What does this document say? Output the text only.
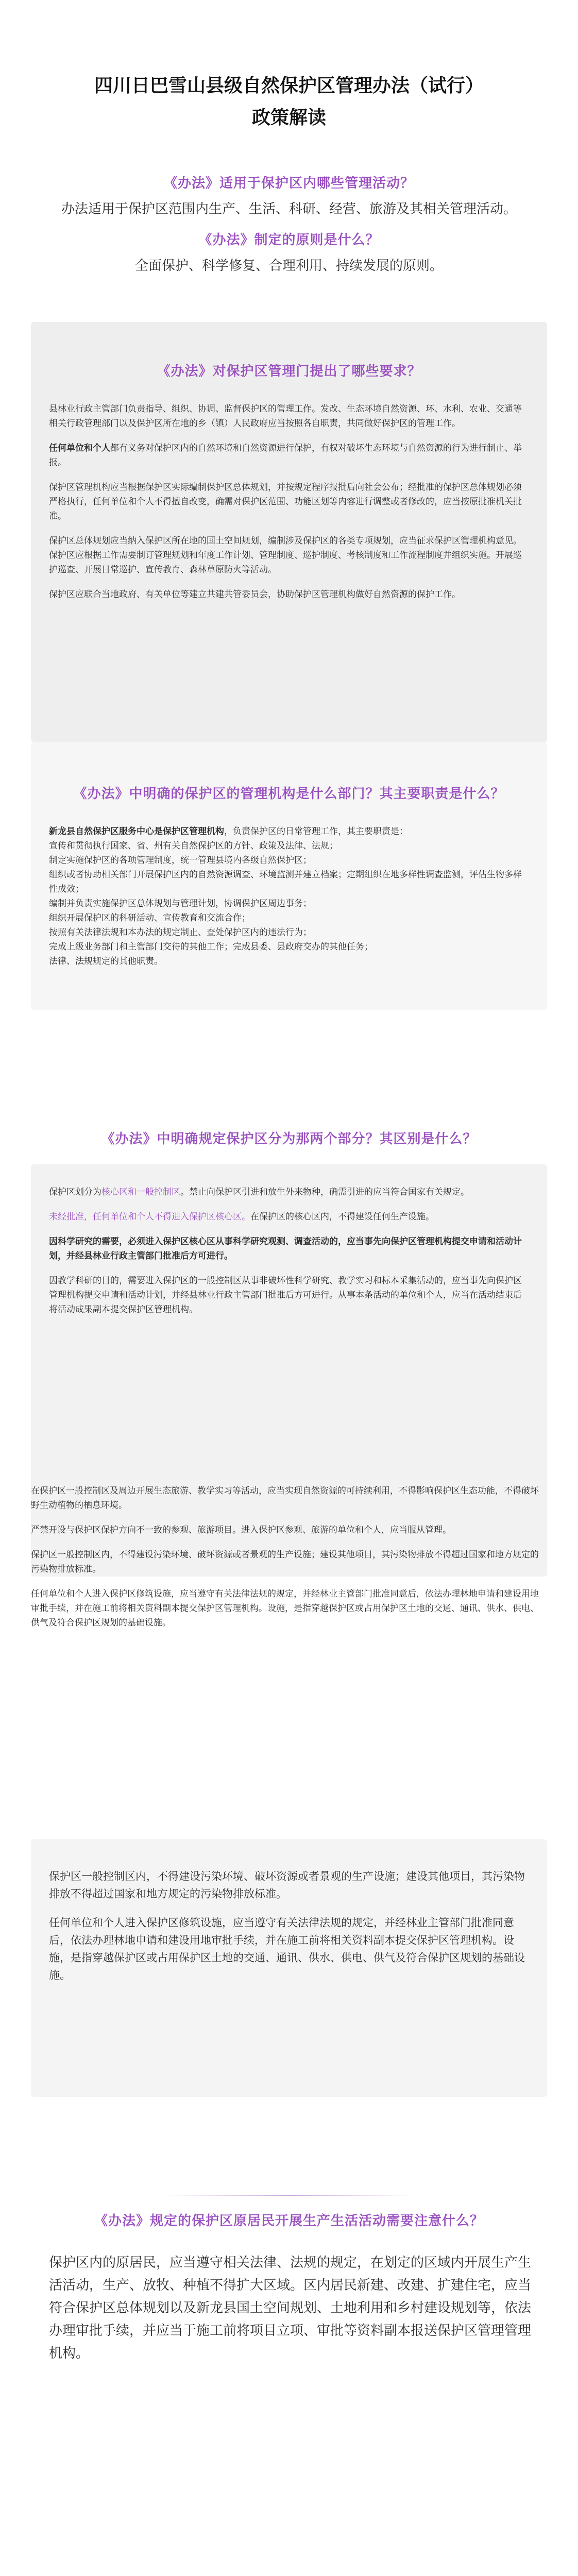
四川日巴雪山县级自然保护区管理办法（试行）
政策解读
《办法》适用于保护区内哪些管理活动？
办法适用于保护区范围内生产、生活、科研、经营、旅游及其相关管理活动。
《办法》制定的原则是什么？
全面保护、科学修复、合理利用、持续发展的原则。
《办法》对保护区管理门提出了哪些要求？

县林业行政主管部门负责指导、组织、协调、监督保护区的管理工作。发改、生态环境自然资源、环、水利、农业、交通等相关行政管理部门以及保护区所在地的乡（镇）人民政府应当按照各自职责，共同做好保护区的管理工作。

任何单位和个人都有义务对保护区内的自然环境和自然资源进行保护，有权对破坏生态环境与自然资源的行为进行制止、举报。

保护区管理机构应当根据保护区实际编制保护区总体规划，并按规定程序报批后向社会公布；经批准的保护区总体规划必须严格执行，任何单位和个人不得擅自改变，确需对保护区范围、功能区划等内容进行调整或者修改的，应当按原批准机关批准。

保护区总体规划应当纳入保护区所在地的国土空间规划，编制涉及保护区的各类专项规划，应当征求保护区管理机构意见。保护区应根据工作需要制订管理规划和年度工作计划、管理制度、巡护制度、考核制度和工作流程制度并组织实施。开展巡护巡查、开展日常巡护、宣传教育、森林草原防火等活动。

保护区应联合当地政府、有关单位等建立共建共管委员会，协助保护区管理机构做好自然资源的保护工作。

《办法》中明确的保护区的管理机构是什么部门？其主要职责是什么？

新龙县自然保护区服务中心是保护区管理机构，负责保护区的日常管理工作，其主要职责是：

宣传和贯彻执行国家、省、州有关自然保护区的方针、政策及法律、法规；

制定实施保护区的各项管理制度，统一管理县境内各级自然保护区；

组织或者协助相关部门开展保护区内的自然资源调查、环境监测并建立档案；定期组织在地多样性调查监测，评估生物多样性成效；

编制并负责实施保护区总体规划与管理计划，协调保护区周边事务；

组织开展保护区的科研活动、宣传教育和交流合作；

按照有关法律法规和本办法的规定制止、查处保护区内的违法行为；

完成上级业务部门和主管部门交待的其他工作；完成县委、县政府交办的其他任务；

法律、法规规定的其他职责。

《办法》中明确规定保护区分为那两个部分？其区别是什么？

保护区划分为核心区和一般控制区。禁止向保护区引进和放生外来物种，确需引进的应当符合国家有关规定。

未经批准，任何单位和个人不得进入保护区核心区。在保护区的核心区内，不得建设任何生产设施。

因科学研究的需要，必须进入保护区核心区从事科学研究观测、调查活动的，应当事先向保护区管理机构提交申请和活动计划，并经县林业行政主管部门批准后方可进行。

因教学科研的目的，需要进入保护区的一般控制区从事非破坏性科学研究、教学实习和标本采集活动的，应当事先向保护区管理机构提交申请和活动计划，并经县林业行政主管部门批准后方可进行。从事本条活动的单位和个人，应当在活动结束后将活动成果副本提交保护区管理机构。

在保护区一般控制区及周边开展生态旅游、教学实习等活动，应当实现自然资源的可持续利用，不得影响保护区生态功能，不得破坏野生动植物的栖息环境。

严禁开设与保护区保护方向不一致的参观、旅游项目。进入保护区参观、旅游的单位和个人，应当服从管理。

保护区一般控制区内，不得建设污染环境、破坏资源或者景观的生产设施；建设其他项目，其污染物排放不得超过国家和地方规定的污染物排放标准。

任何单位和个人进入保护区修筑设施，应当遵守有关法律法规的规定，并经林业主管部门批准同意后，依法办理林地申请和建设用地审批手续，并在施工前将相关资料副本提交保护区管理机构。设施，是指穿越保护区或占用保护区土地的交通、通讯、供水、供电、供气及符合保护区规划的基础设施。

保护区一般控制区内，不得建设污染环境、破坏资源或者景观的生产设施；建设其他项目，其污染物排放不得超过国家和地方规定的污染物排放标准。

任何单位和个人进入保护区修筑设施，应当遵守有关法律法规的规定，并经林业主管部门批准同意后，依法办理林地申请和建设用地审批手续，并在施工前将相关资料副本提交保护区管理机构。设施，是指穿越保护区或占用保护区土地的交通、通讯、供水、供电、供气及符合保护区规划的基础设施。

《办法》规定的保护区原居民开展生产生活活动需要注意什么？

保护区内的原居民，应当遵守相关法律、法规的规定，在划定的区域内开展生产生活活动，生产、放牧、种植不得扩大区域。区内居民新建、改建、扩建住宅，应当符合保护区总体规划以及新龙县国土空间规划、土地利用和乡村建设规划等，依法办理审批手续，并应当于施工前将项目立项、审批等资料副本报送保护区管理管理机构。
